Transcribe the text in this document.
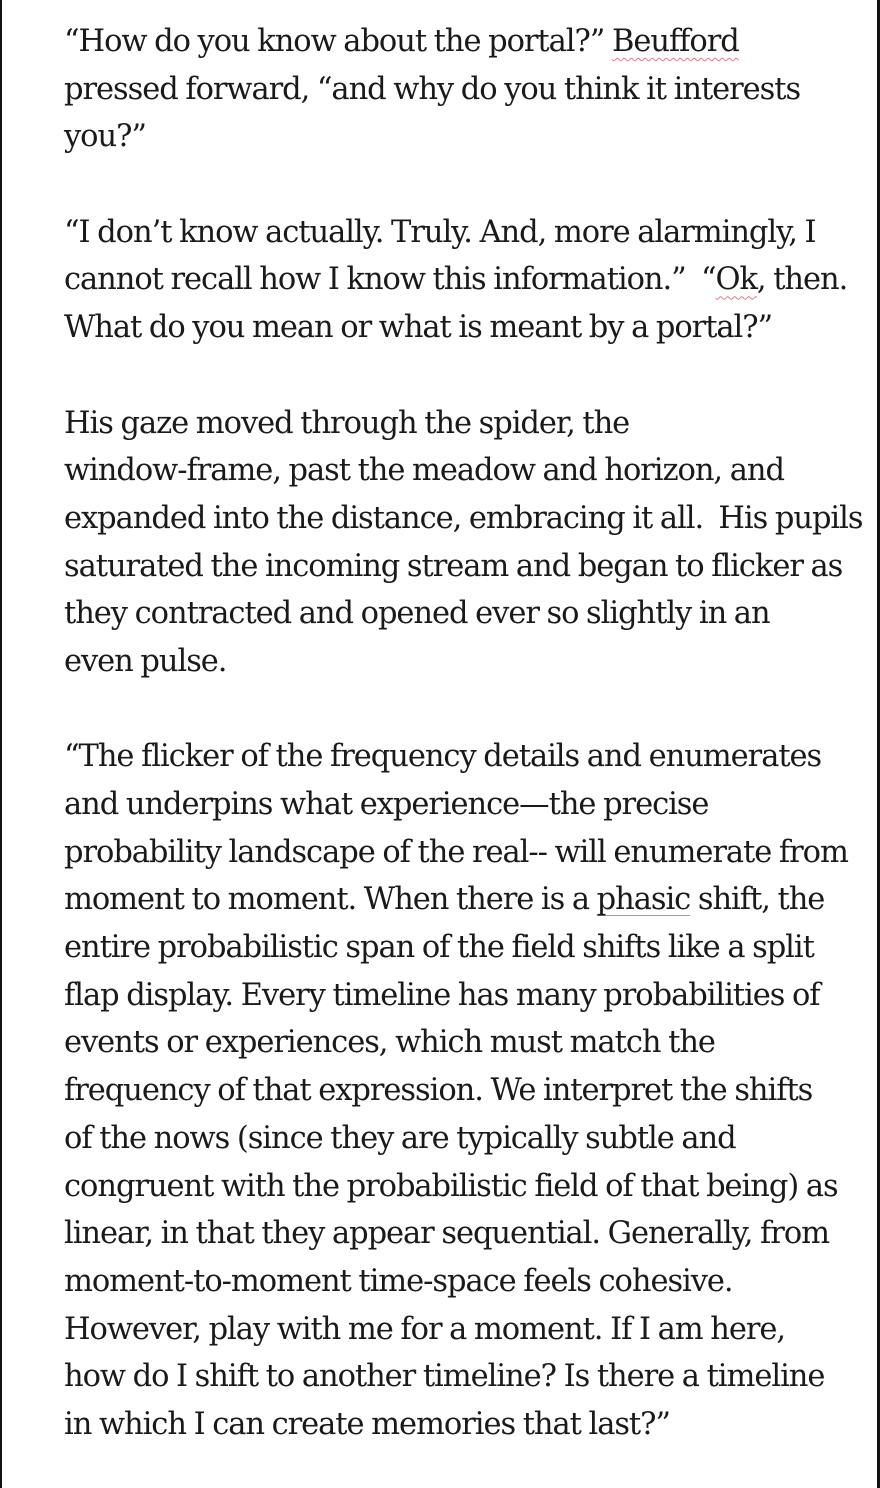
“How do you know about the portal?” Beufford
pressed forward, “and why do you think it interests
you?”
“I don’t know actually. Truly. And, more alarmingly, I
cannot recall how I know this information.”  “Ok, then.
What do you mean or what is meant by a portal?”
His gaze moved through the spider, the
window-frame, past the meadow and horizon, and
expanded into the distance, embracing it all.  His pupils
saturated the incoming stream and began to flicker as
they contracted and opened ever so slightly in an
even pulse.
“The flicker of the frequency details and enumerates
and underpins what experience—the precise
probability landscape of the real-- will enumerate from
moment to moment. When there is a phasic shift, the
entire probabilistic span of the field shifts like a split
flap display. Every timeline has many probabilities of
events or experiences, which must match the
frequency of that expression. We interpret the shifts
of the nows (since they are typically subtle and
congruent with the probabilistic field of that being) as
linear, in that they appear sequential. Generally, from
moment-to-moment time-space feels cohesive.
However, play with me for a moment. If I am here,
how do I shift to another timeline? Is there a timeline
in which I can create memories that last?”
